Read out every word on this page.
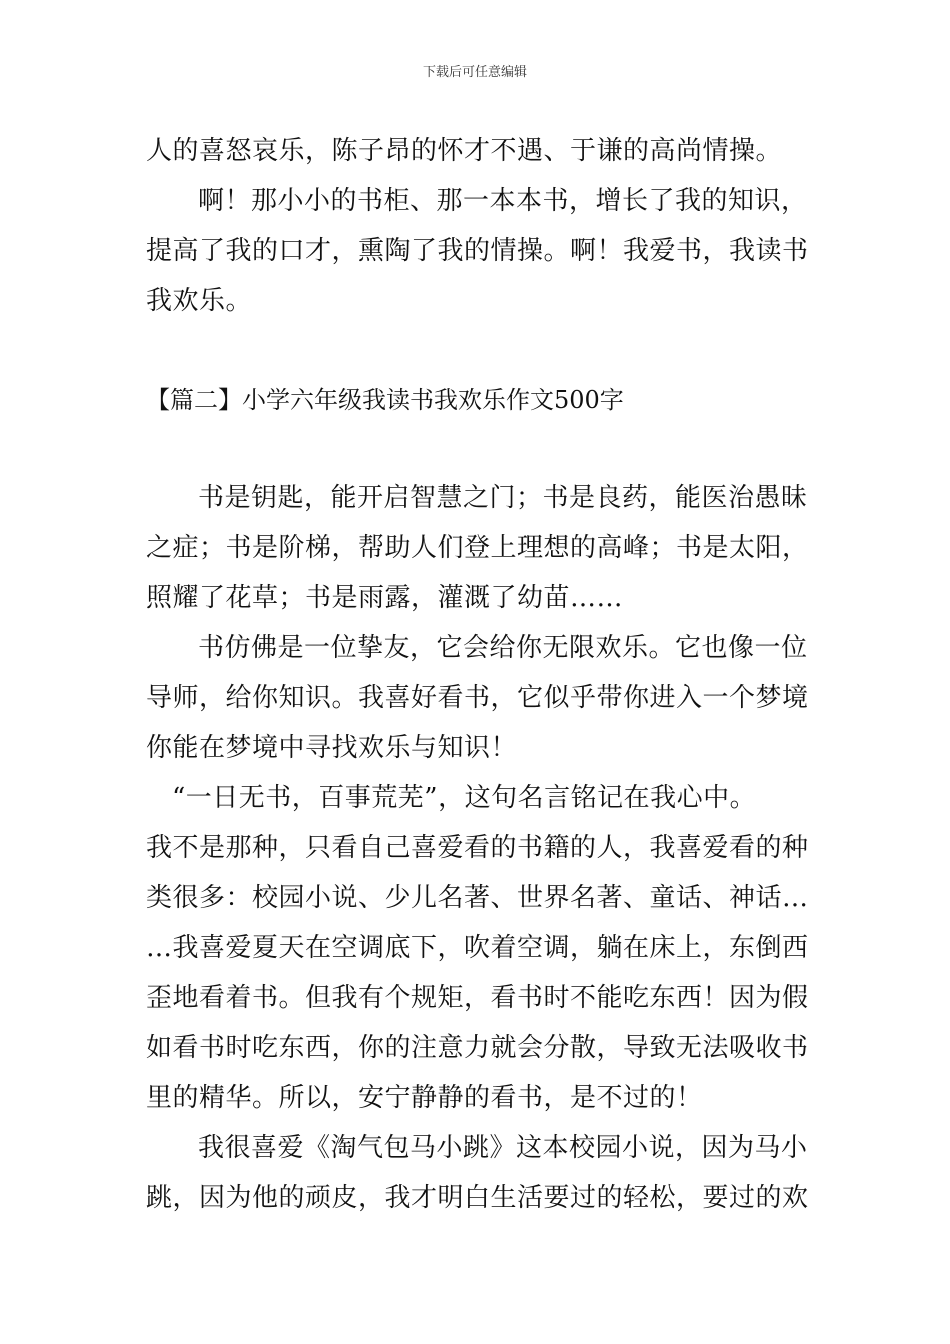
下载后可任意编辑
人的喜怒哀乐，陈子昂的怀才不遇、于谦的高尚情操。
啊！那小小的书柜、那一本本书，增长了我的知识，
提高了我的口才，熏陶了我的情操。啊！我爱书，我读书
我欢乐。
【篇二】小学六年级我读书我欢乐作文500字
书是钥匙，能开启智慧之门；书是良药，能医治愚昧
之症；书是阶梯，帮助人们登上理想的高峰；书是太阳，
照耀了花草；书是雨露，灌溉了幼苗……
书仿佛是一位挚友，它会给你无限欢乐。它也像一位
导师，给你知识。我喜好看书，它似乎带你进入一个梦境
你能在梦境中寻找欢乐与知识！
“一日无书，百事荒芜”，这句名言铭记在我心中。
我不是那种，只看自己喜爱看的书籍的人，我喜爱看的种
类很多：校园小说、少儿名著、世界名著、童话、神话…
…我喜爱夏天在空调底下，吹着空调，躺在床上，东倒西
歪地看着书。但我有个规矩，看书时不能吃东西！因为假
如看书时吃东西，你的注意力就会分散，导致无法吸收书
里的精华。所以，安宁静静的看书，是不过的！
我很喜爱《淘气包马小跳》这本校园小说，因为马小
跳，因为他的顽皮，我才明白生活要过的轻松，要过的欢
